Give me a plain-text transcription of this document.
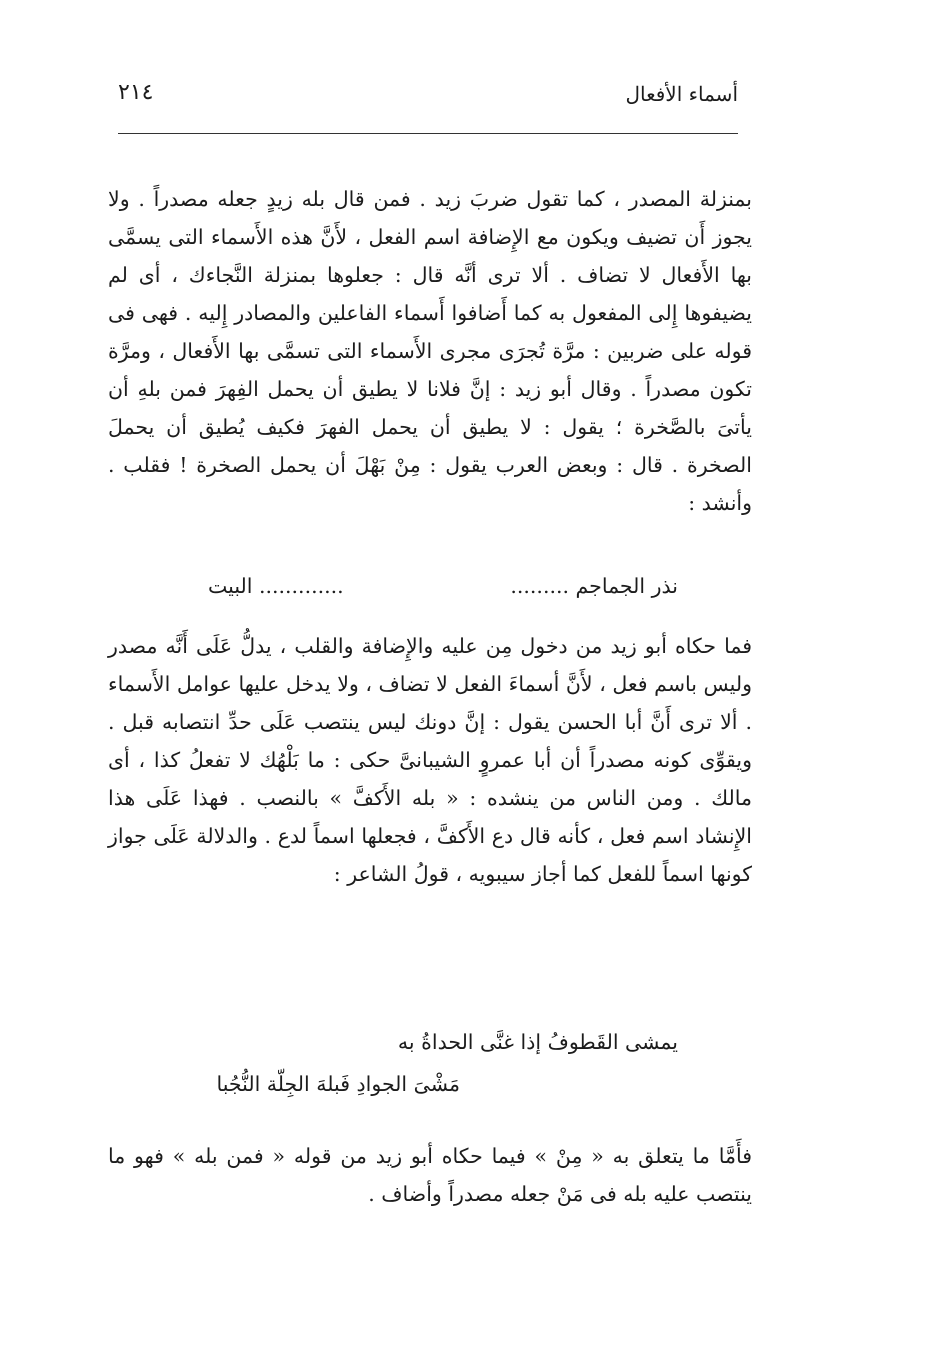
٢١٤	أسماء الأفعال

بمنزلة المصدر ، كما تقول ضربَ زيد . فمن قال بله زيدٍ جعله مصدراً . ولا يجوز أَن تضيف ويكون مع الإِضافة اسم الفعل ، لأَنَّ هذه الأَسماء التى يسمَّى بها الأَفعال لا تضاف . ألا ترى أنَّه قال : جعلوها بمنزلة النَّجاءك ، أى لم يضيفوها إِلى المفعول به كما أَضافوا أَسماء الفاعلين والمصادر إِليه . فهى فى قوله على ضربين : مرَّة تُجرَى مجرى الأَسماء التى تسمَّى بها الأَفعال ، ومرَّة تكون مصدراً . وقال أبو زيد : إنَّ فلانا لا يطيق أن يحمل الفِهرَ فمن بلهِ أن يأتىَ بالصَّخرة ؛ يقول : لا يطيق أن يحمل الفهرَ فكيف يُطيق أن يحملَ الصخرة . قال : وبعض العرب يقول : مِنْ بَهْلَ أن يحمل الصخرة ! فقلب . وأنشد :

نذر الجماجم .........
............. البيت

فما حكاه أبو زيد من دخول مِن عليه والإِضافة والقلب ، يدلُّ عَلَى أَنَّه مصدر وليس باسم فعل ، لأَنَّ أسماءَ الفعل لا تضاف ، ولا يدخل عليها عوامل الأَسماء . ألا ترى أَنَّ أبا الحسن يقول : إنَّ دونك ليس ينتصب عَلَى حدِّ انتصابه قبل . ويقوِّى كونه مصدراً أن أبا عمروٍ الشيبانىَّ حكى : ما بَلْهُك لا تفعلُ كذا ، أى مالك . ومن الناس من ينشده : « بله الأَكفَّ » بالنصب . فهذا عَلَى هذا الإِنشاد اسم فعل ، كأنه قال دع الأَكفَّ ، فجعلها اسماً لدع . والدلالة عَلَى جواز كونها اسماً للفعل كما أجاز سيبويه ، قولُ الشاعر :

يمشى القَطوفُ إذا غنَّى الحداةُ به
مَشْىَ الجوادِ فَبلهَ الجِلّة النُّجُبا

فأَمَّا ما يتعلق به « مِنْ » فيما حكاه أبو زيد من قوله « فمن بله » فهو ما ينتصب عليه بله فى مَنْ جعله مصدراً وأضاف .
